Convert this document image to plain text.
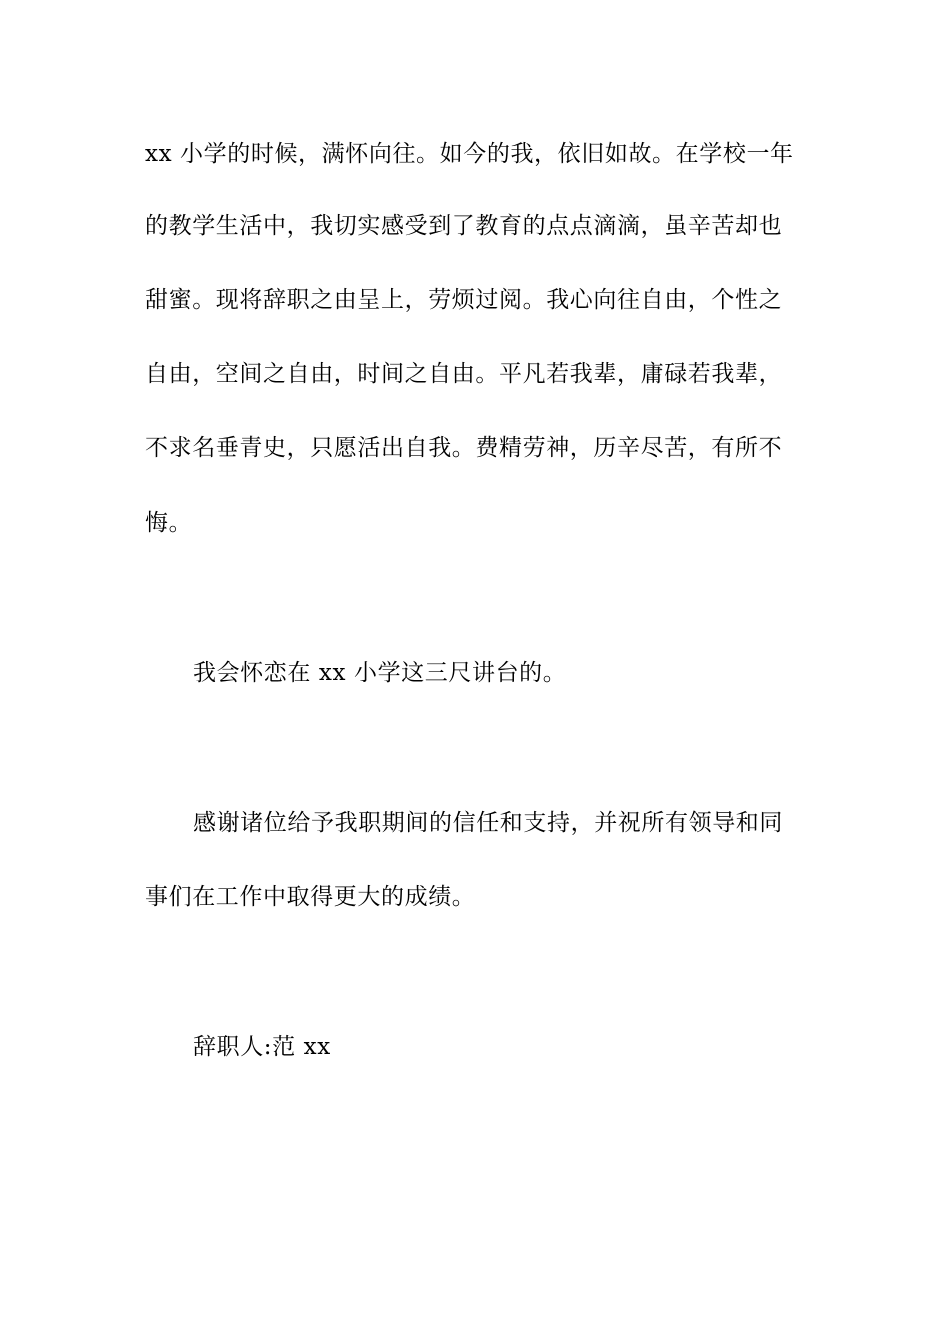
xx 小学的时候，满怀向往。如今的我，依旧如故。在学校一年
的教学生活中，我切实感受到了教育的点点滴滴，虽辛苦却也
甜蜜。现将辞职之由呈上，劳烦过阅。我心向往自由，个性之
自由，空间之自由，时间之自由。平凡若我辈，庸碌若我辈，
不求名垂青史，只愿活出自我。费精劳神，历辛尽苦，有所不
悔。
我会怀恋在 xx 小学这三尺讲台的。
感谢诸位给予我职期间的信任和支持，并祝所有领导和同
事们在工作中取得更大的成绩。
辞职人:范 xx
